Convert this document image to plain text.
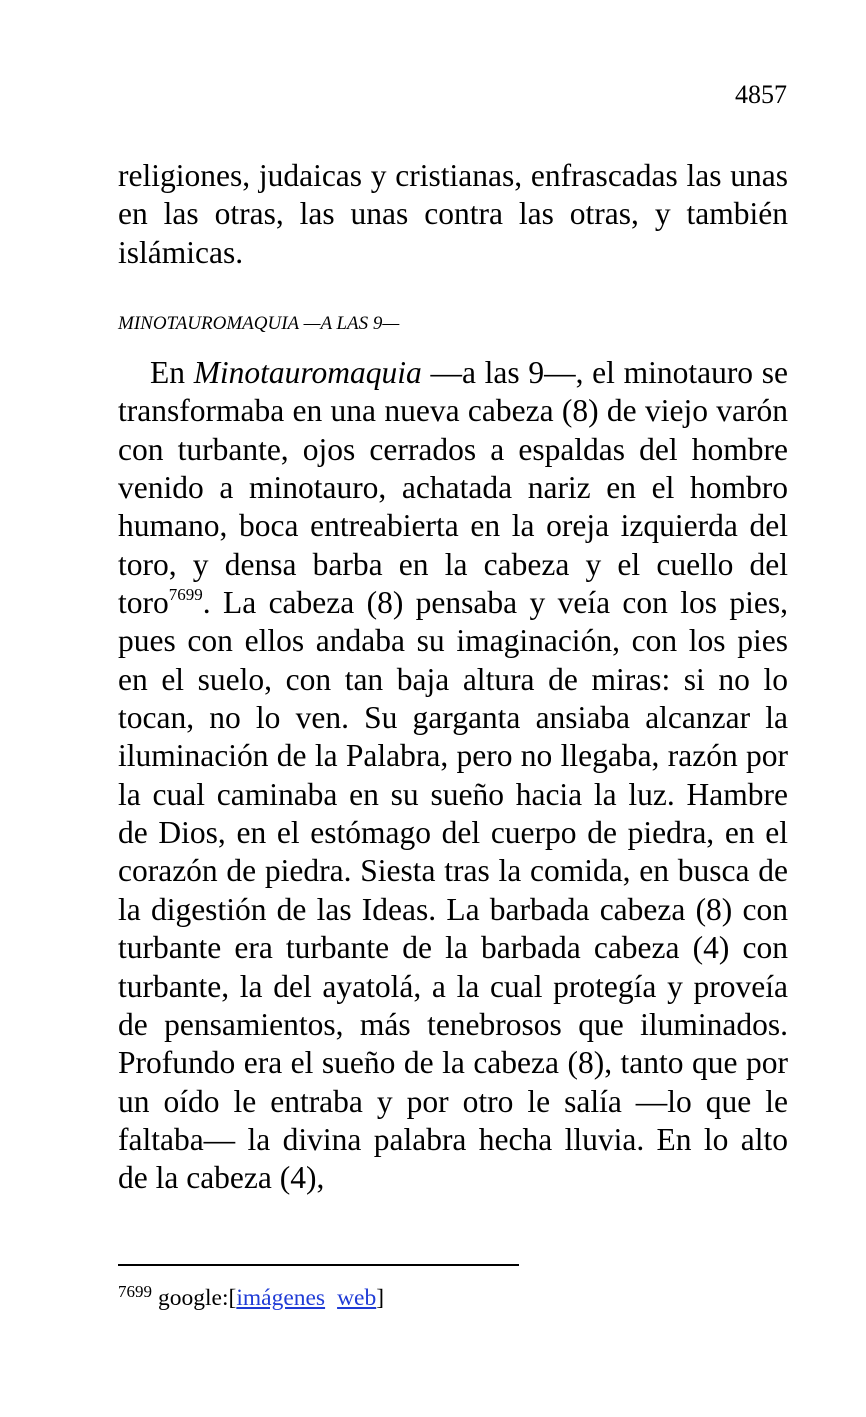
4857

religiones, judaicas y cristianas, enfrascadas las unas en las otras, las unas contra las otras, y también islámicas.

MINOTAUROMAQUIA —A LAS 9—

En Minotauromaquia —a las 9—, el minotauro se transformaba en una nueva cabeza (8) de viejo varón con turbante, ojos cerrados a espaldas del hombre venido a minotauro, achatada nariz en el hombro humano, boca entreabierta en la oreja izquierda del toro, y densa barba en la cabeza y el cuello del toro$^{7699}$. La cabeza (8) pensaba y veía con los pies, pues con ellos andaba su imaginación, con los pies en el suelo, con tan baja altura de miras: si no lo tocan, no lo ven. Su garganta ansiaba alcanzar la iluminación de la Palabra, pero no llegaba, razón por la cual caminaba en su sueño hacia la luz. Hambre de Dios, en el estómago del cuerpo de piedra, en el corazón de piedra. Siesta tras la comida, en busca de la digestión de las Ideas. La barbada cabeza (8) con turbante era turbante de la barbada cabeza (4) con turbante, la del ayatolá, a la cual protegía y proveía de pensamientos, más tenebrosos que iluminados. Profundo era el sueño de la cabeza (8), tanto que por un oído le entraba y por otro le salía —lo que le faltaba— la divina palabra hecha lluvia. En lo alto de la cabeza (4),

$^{7699}$ google:[imágenes web]
